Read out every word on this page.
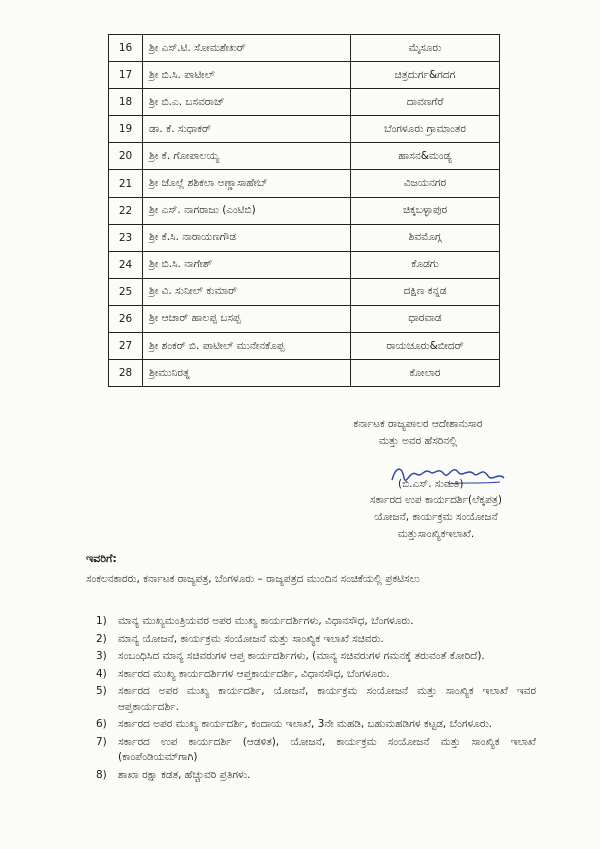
16	ಶ್ರೀ ಎಸ್.ಟಿ. ಸೋಮಶೇಖರ್	ಮೈಸೂರು
17	ಶ್ರೀ ಬಿ.ಸಿ. ಪಾಟೀಲ್	ಚಿತ್ರದುರ್ಗ&ಗದಗ
18	ಶ್ರೀ ಬಿ.ಎ. ಬಸವರಾಜ್	ದಾವಣಗೆರೆ
19	ಡಾ. ಕೆ. ಸುಧಾಕರ್	ಬೆಂಗಳೂರು ಗ್ರಾಮಾಂತರ
20	ಶ್ರೀ ಕೆ. ಗೋಪಾಲಯ್ಯ	ಹಾಸನ&ಮಂಡ್ಯ
21	ಶ್ರೀ ಜೊಲ್ಲೆ ಶಶಿಕಲಾ ಅಣ್ಣಾಸಾಹೇಬ್	ವಿಜಯನಗರ
22	ಶ್ರೀ ಎಸ್. ನಾಗರಾಜು (ಎಂಟಿಬಿ)	ಚಿಕ್ಕಬಳ್ಳಾಪುರ
23	ಶ್ರೀ ಕೆ.ಸಿ. ನಾರಾಯಣಗೌಡ	ಶಿವಮೊಗ್ಗ
24	ಶ್ರೀ ಬಿ.ಸಿ. ನಾಗೇಶ್	ಕೊಡಗು
25	ಶ್ರೀ ವಿ. ಸುನೀಲ್ ಕುಮಾರ್	ದಕ್ಷಿಣ ಕನ್ನಡ
26	ಶ್ರೀ ಆಚಾರ್ ಹಾಲಪ್ಪ ಬಸಪ್ಪ	ಧಾರವಾಡ
27	ಶ್ರೀ ಶಂಕರ್ ಬಿ. ಪಾಟೀಲ್ ಮುನೇನಕೊಪ್ಪ	ರಾಯಚೂರು&ಬೀದರ್
28	ಶ್ರೀಮುನಿರತ್ನ	ಕೋಲಾರ
ಕರ್ನಾಟಕ ರಾಜ್ಯಪಾಲರ ಆದೇಶಾನುಸಾರ
ಮತ್ತು ಅವರ ಹೆಸರಿನಲ್ಲಿ
(ಬಿ.ಎಸ್. ಸುಮತಿ)
ಸರ್ಕಾರದ ಉಪ ಕಾರ್ಯದರ್ಶಿ(ಲೆಕ್ಕಪತ್ರ)
ಯೋಜನೆ, ಕಾರ್ಯಕ್ರಮ ಸಂಯೋಜನೆ
ಮತ್ತುಸಾಂಖ್ಯಿಕಇಲಾಖೆ.
ಇವರಿಗೆ:
ಸಂಕಲನಕಾರರು, ಕರ್ನಾಟಕ ರಾಜ್ಯಪತ್ರ, ಬೆಂಗಳೂರು – ರಾಜ್ಯಪತ್ರದ ಮುಂದಿನ ಸಂಚಿಕೆಯಲ್ಲಿ ಪ್ರಕಟಿಸಲು
1)	ಮಾನ್ಯ ಮುಖ್ಯಮಂತ್ರಿಯವರ ಅಪರ ಮುಖ್ಯ ಕಾರ್ಯದರ್ಶಿಗಳು, ವಿಧಾನಸೌಧ, ಬೆಂಗಳೂರು.
2)	ಮಾನ್ಯ ಯೋಜನೆ, ಕಾರ್ಯಕ್ರಮ ಸಂಯೋಜನೆ ಮತ್ತು ಸಾಂಖ್ಯಿಕ ಇಲಾಖೆ ಸಚಿವರು.
3)	ಸಂಬಂಧಿಸಿದ ಮಾನ್ಯ ಸಚಿವರುಗಳ ಆಪ್ತ ಕಾರ್ಯದರ್ಶಿಗಳು, (ಮಾನ್ಯ ಸಚಿವರುಗಳ ಗಮನಕ್ಕೆ ತರುವಂತೆ ಕೋರಿದೆ).
4)	ಸರ್ಕಾರದ ಮುಖ್ಯ ಕಾರ್ಯದರ್ಶಿಗಳ ಆಪ್ತಕಾರ್ಯದರ್ಶಿ, ವಿಧಾನಸೌಧ, ಬೆಂಗಳೂರು.
5)	ಸರ್ಕಾರದ ಅಪರ ಮುಖ್ಯ ಕಾರ್ಯದರ್ಶಿ, ಯೋಜನೆ, ಕಾರ್ಯಕ್ರಮ ಸಂಯೋಜನೆ ಮತ್ತು ಸಾಂಖ್ಯಿಕ ಇಲಾಖೆ ಇವರ ಆಪ್ತಕಾರ್ಯದರ್ಶಿ.
6)	ಸರ್ಕಾರದ ಅಪರ ಮುಖ್ಯ ಕಾರ್ಯದರ್ಶಿ, ಕಂದಾಯ ಇಲಾಖೆ, 3ನೇ ಮಹಡಿ, ಬಹುಮಹಡಿಗಳ ಕಟ್ಟಡ, ಬೆಂಗಳೂರು.
7)	ಸರ್ಕಾರದ ಉಪ ಕಾರ್ಯದರ್ಶಿ (ಆಡಳಿತ), ಯೋಜನೆ, ಕಾರ್ಯಕ್ರಮ ಸಂಯೋಜನೆ ಮತ್ತು ಸಾಂಖ್ಯಿಕ ಇಲಾಖೆ (ಕಾಂಪೆಂಡಿಯಮ್‌ಗಾಗಿ)
8)	ಶಾಖಾ ರಕ್ಷಾ ಕಡತ, ಹೆಚ್ಚುವರಿ ಪ್ರತಿಗಳು.
